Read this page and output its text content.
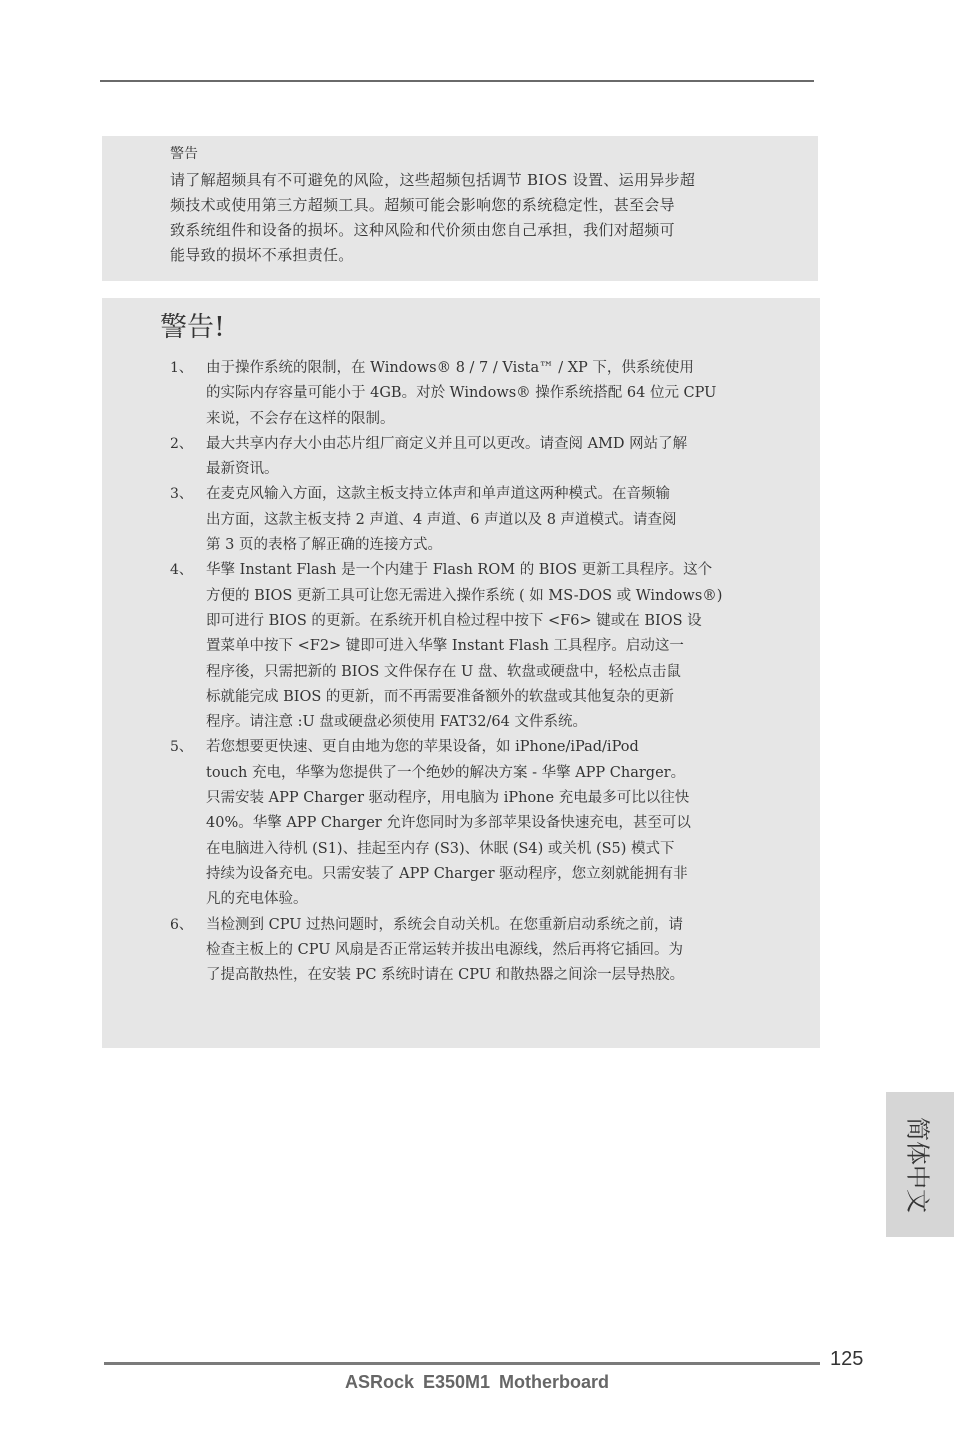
警告
请了解超频具有不可避免的风险，这些超频包括调节 BIOS 设置、运用异步超
频技术或使用第三方超频工具。超频可能会影响您的系统稳定性，甚至会导
致系统组件和设备的损坏。这种风险和代价须由您自己承担，我们对超频可
能导致的损坏不承担责任。
警告!
1、 由于操作系统的限制，在 Windows® 8 / 7 / Vista™ / XP 下，供系统使用
的实际内存容量可能小于 4GB。对於 Windows® 操作系统搭配 64 位元 CPU
来说，不会存在这样的限制。
2、 最大共享内存大小由芯片组厂商定义并且可以更改。请查阅 AMD 网站了解
最新资讯。
3、 在麦克风输入方面，这款主板支持立体声和单声道这两种模式。在音频输
出方面，这款主板支持 2 声道、4 声道、6 声道以及 8 声道模式。请查阅
第 3 页的表格了解正确的连接方式。
4、 华擎 Instant Flash 是一个内建于 Flash ROM 的 BIOS 更新工具程序。这个
方便的 BIOS 更新工具可让您无需进入操作系统 ( 如 MS-DOS 或 Windows®)
即可进行 BIOS 的更新。在系统开机自检过程中按下 <F6> 键或在 BIOS 设
置菜单中按下 <F2> 键即可进入华擎 Instant Flash 工具程序。启动这一
程序後，只需把新的 BIOS 文件保存在 U 盘、软盘或硬盘中，轻松点击鼠
标就能完成 BIOS 的更新，而不再需要准备额外的软盘或其他复杂的更新
程序。请注意 :U 盘或硬盘必须使用 FAT32/64 文件系统。
5、 若您想要更快速、更自由地为您的苹果设备，如 iPhone/iPad/iPod
touch 充电，华擎为您提供了一个绝妙的解决方案 - 华擎 APP Charger。
只需安装 APP Charger 驱动程序，用电脑为 iPhone 充电最多可比以往快
40%。华擎 APP Charger 允许您同时为多部苹果设备快速充电，甚至可以
在电脑进入待机 (S1)、挂起至内存 (S3)、休眠 (S4) 或关机 (S5) 模式下
持续为设备充电。只需安装了 APP Charger 驱动程序，您立刻就能拥有非
凡的充电体验。
6、 当检测到 CPU 过热问题时，系统会自动关机。在您重新启动系统之前，请
检查主板上的 CPU 风扇是否正常运转并拔出电源线，然后再将它插回。为
了提高散热性，在安装 PC 系统时请在 CPU 和散热器之间涂一层导热胶。
简体中文
125
ASRock E350M1 Motherboard
